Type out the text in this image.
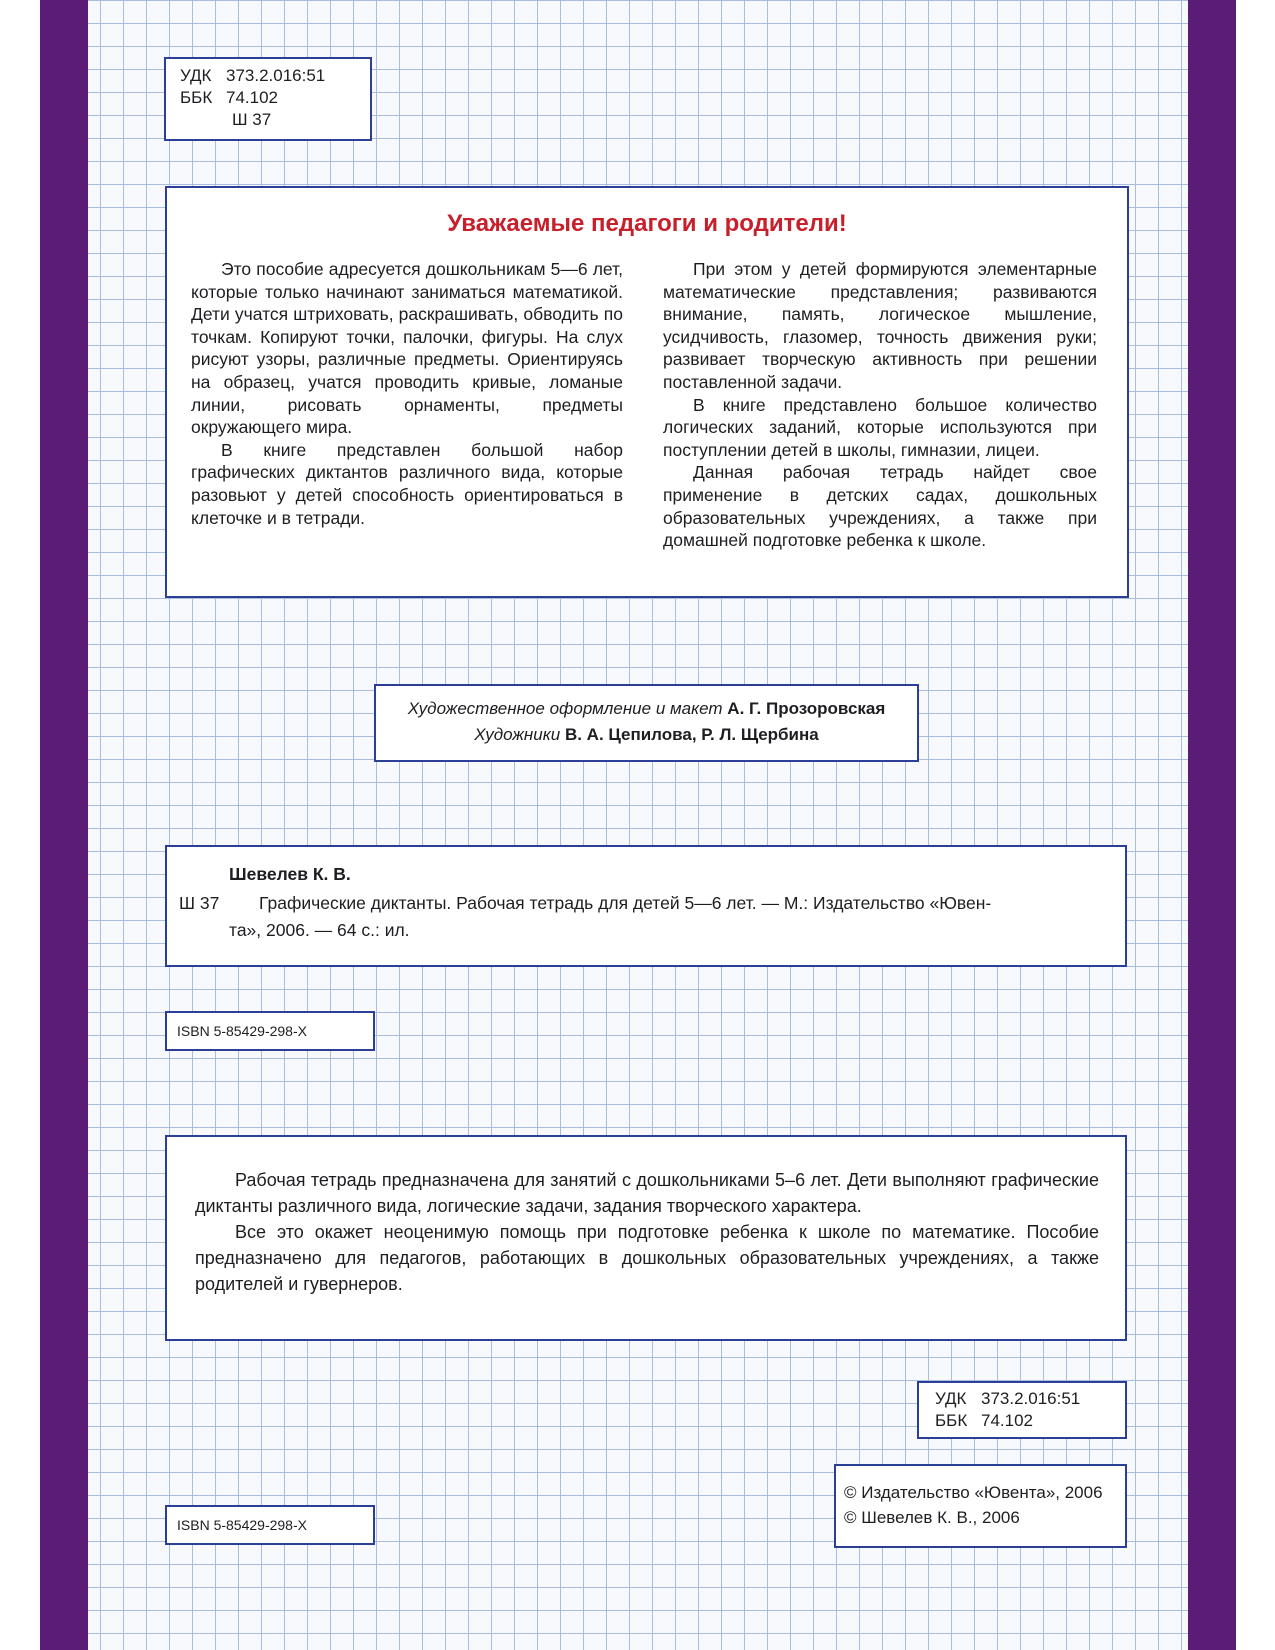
УДК 373.2.016:51
ББК 74.102
Ш 37
Уважаемые педагоги и родители!

Это пособие адресуется дошкольникам 5—6 лет, которые только начинают заниматься математикой. Дети учатся штриховать, раскрашивать, обводить по точкам. Копируют точки, палочки, фигуры. На слух рисуют узоры, различные предметы. Ориентируясь на образец, учатся проводить кривые, ломаные линии, рисовать орнаменты, предметы окружающего мира.

В книге представлен большой набор графических диктантов различного вида, которые разовьют у детей способность ориентироваться в клеточке и в тетради.

При этом у детей формируются элементарные математические представления; развиваются внимание, память, логическое мышление, усидчивость, глазомер, точность движения руки; развивает творческую активность при решении поставленной задачи.

В книге представлено большое количество логических заданий, которые используются при поступлении детей в школы, гимназии, лицеи.

Данная рабочая тетрадь найдет свое применение в детских садах, дошкольных образовательных учреждениях, а также при домашней подготовке ребенка к школе.

Художественное оформление и макет А. Г. Прозоровская
Художники В. А. Цепилова, Р. Л. Щербина
Шевелев К. В.
Ш 37 Графические диктанты. Рабочая тетрадь для детей 5—6 лет. — М.: Издательство «Ювен-
та», 2006. — 64 с.: ил.
ISBN 5-85429-298-X

Рабочая тетрадь предназначена для занятий с дошкольниками 5–6 лет. Дети выполняют графические диктанты различного вида, логические задачи, задания творческого характера.

Все это окажет неоценимую помощь при подготовке ребенка к школе по математике. Пособие предназначено для педагогов, работающих в дошкольных образовательных учреждениях, а также родителей и гувернеров.

УДК 373.2.016:51
ББК 74.102
© Издательство «Ювента», 2006
© Шевелев К. В., 2006
ISBN 5-85429-298-X
